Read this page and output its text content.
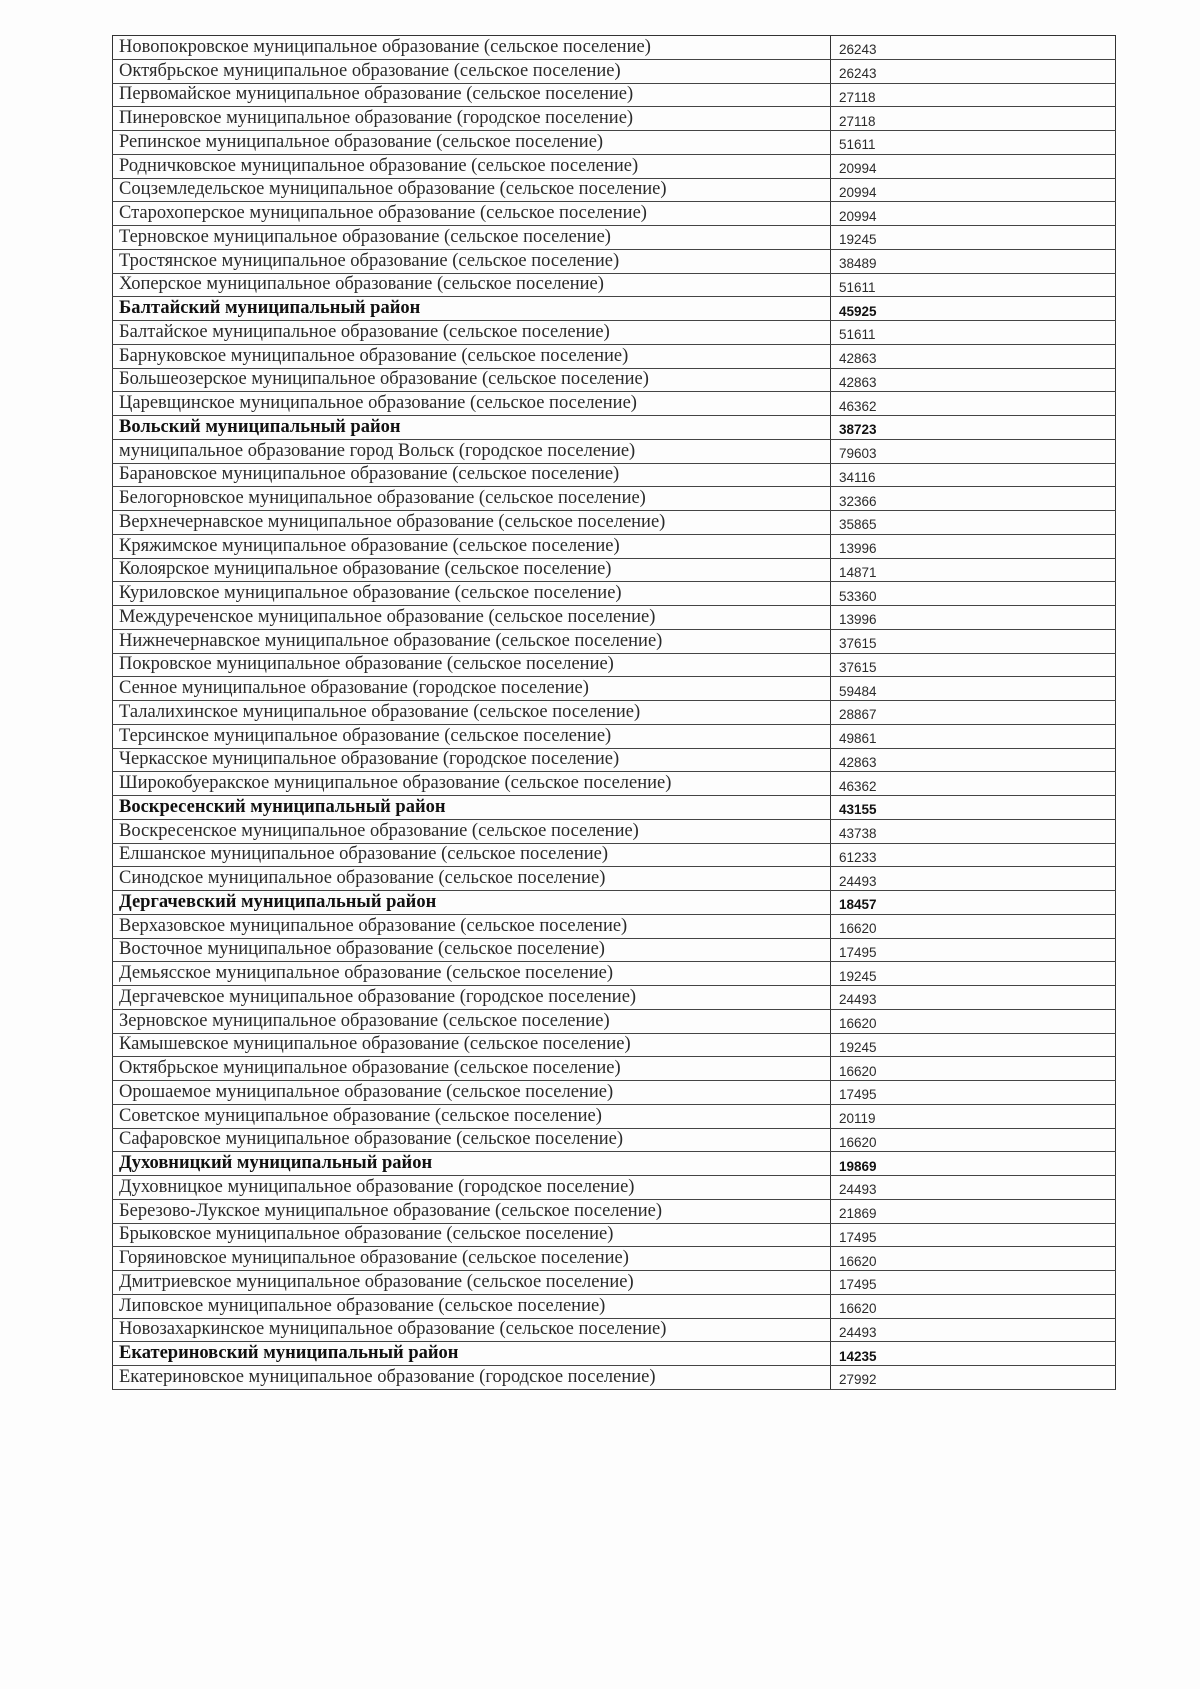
Новопокровское муниципальное образование (сельское поселение)	26243
Октябрьское муниципальное образование (сельское поселение)	26243
Первомайское муниципальное образование (сельское поселение)	27118
Пинеровское муниципальное образование (городское поселение)	27118
Репинское муниципальное образование (сельское поселение)	51611
Родничковское муниципальное образование (сельское поселение)	20994
Соцземледельское муниципальное образование (сельское поселение)	20994
Старохоперское муниципальное образование (сельское поселение)	20994
Терновское муниципальное образование (сельское поселение)	19245
Тростянское муниципальное образование (сельское поселение)	38489
Хоперское муниципальное образование (сельское поселение)	51611
Балтайский муниципальный район	45925
Балтайское муниципальное образование (сельское поселение)	51611
Барнуковское муниципальное образование (сельское поселение)	42863
Большеозерское муниципальное образование (сельское поселение)	42863
Царевщинское муниципальное образование (сельское поселение)	46362
Вольский муниципальный район	38723
муниципальное образование город Вольск (городское поселение)	79603
Барановское муниципальное образование (сельское поселение)	34116
Белогорновское муниципальное образование (сельское поселение)	32366
Верхнечернавское муниципальное образование (сельское поселение)	35865
Кряжимское муниципальное образование (сельское поселение)	13996
Колоярское муниципальное образование (сельское поселение)	14871
Куриловское муниципальное образование (сельское поселение)	53360
Междуреченское муниципальное образование (сельское поселение)	13996
Нижнечернавское муниципальное образование (сельское поселение)	37615
Покровское муниципальное образование (сельское поселение)	37615
Сенное муниципальное образование (городское поселение)	59484
Талалихинское муниципальное образование (сельское поселение)	28867
Терсинское муниципальное образование (сельское поселение)	49861
Черкасское муниципальное образование (городское поселение)	42863
Широкобуеракское муниципальное образование (сельское поселение)	46362
Воскресенский муниципальный район	43155
Воскресенское муниципальное образование (сельское поселение)	43738
Елшанское муниципальное образование (сельское поселение)	61233
Синодское муниципальное образование (сельское поселение)	24493
Дергачевский муниципальный район	18457
Верхазовское муниципальное образование (сельское поселение)	16620
Восточное муниципальное образование (сельское поселение)	17495
Демьясское муниципальное образование (сельское поселение)	19245
Дергачевское муниципальное образование (городское поселение)	24493
Зерновское муниципальное образование (сельское поселение)	16620
Камышевское муниципальное образование (сельское поселение)	19245
Октябрьское муниципальное образование (сельское поселение)	16620
Орошаемое муниципальное образование (сельское поселение)	17495
Советское муниципальное образование (сельское поселение)	20119
Сафаровское муниципальное образование (сельское поселение)	16620
Духовницкий муниципальный район	19869
Духовницкое муниципальное образование (городское поселение)	24493
Березово-Лукское муниципальное образование (сельское поселение)	21869
Брыковское муниципальное образование (сельское поселение)	17495
Горяиновское муниципальное образование (сельское поселение)	16620
Дмитриевское муниципальное образование (сельское поселение)	17495
Липовское муниципальное образование (сельское поселение)	16620
Новозахаркинское муниципальное образование (сельское поселение)	24493
Екатериновский муниципальный район	14235
Екатериновское муниципальное образование (городское поселение)	27992
